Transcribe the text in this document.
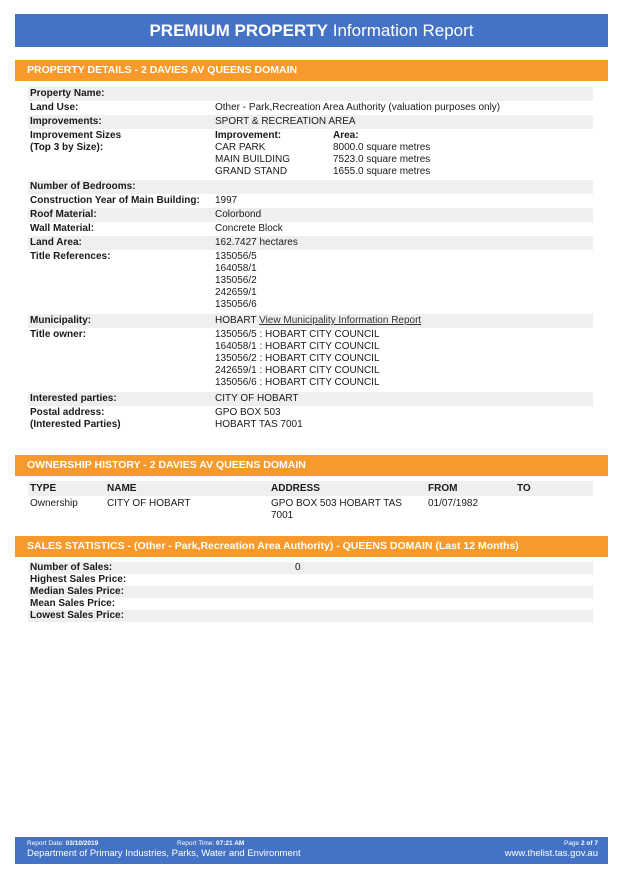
PREMIUM PROPERTY Information Report
PROPERTY DETAILS - 2 DAVIES AV QUEENS DOMAIN
Property Name:
Land Use:	Other - Park,Recreation Area Authority (valuation purposes only)
Improvements:	SPORT & RECREATION AREA
Improvement Sizes
(Top 3 by Size):
Improvement:	Area:
CAR PARK	8000.0 square metres
MAIN BUILDING	7523.0 square metres
GRAND STAND	1655.0 square metres
Number of Bedrooms:
Construction Year of Main Building:	1997
Roof Material:	Colorbond
Wall Material:	Concrete Block
Land Area:	162.7427 hectares
Title References:	135056/5
164058/1
135056/2
242659/1
135056/6
Municipality:	HOBART View Municipality Information Report
Title owner:	135056/5 : HOBART CITY COUNCIL
164058/1 : HOBART CITY COUNCIL
135056/2 : HOBART CITY COUNCIL
242659/1 : HOBART CITY COUNCIL
135056/6 : HOBART CITY COUNCIL
Interested parties:	CITY OF HOBART
Postal address:
(Interested Parties)
GPO BOX 503
HOBART TAS 7001
OWNERSHIP HISTORY - 2 DAVIES AV QUEENS DOMAIN
TYPE	NAME	ADDRESS	FROM	TO
Ownership	CITY OF HOBART	GPO BOX 503 HOBART TAS 7001	01/07/1982	
SALES STATISTICS - (Other - Park,Recreation Area Authority) - QUEENS DOMAIN (Last 12 Months)
Number of Sales:	0
Highest Sales Price:
Median Sales Price:
Mean Sales Price:
Lowest Sales Price:
Report Date: 03/10/2019	Report Time: 07:21 AM	Page 2 of 7
Department of Primary Industries, Parks, Water and Environment	www.thelist.tas.gov.au
